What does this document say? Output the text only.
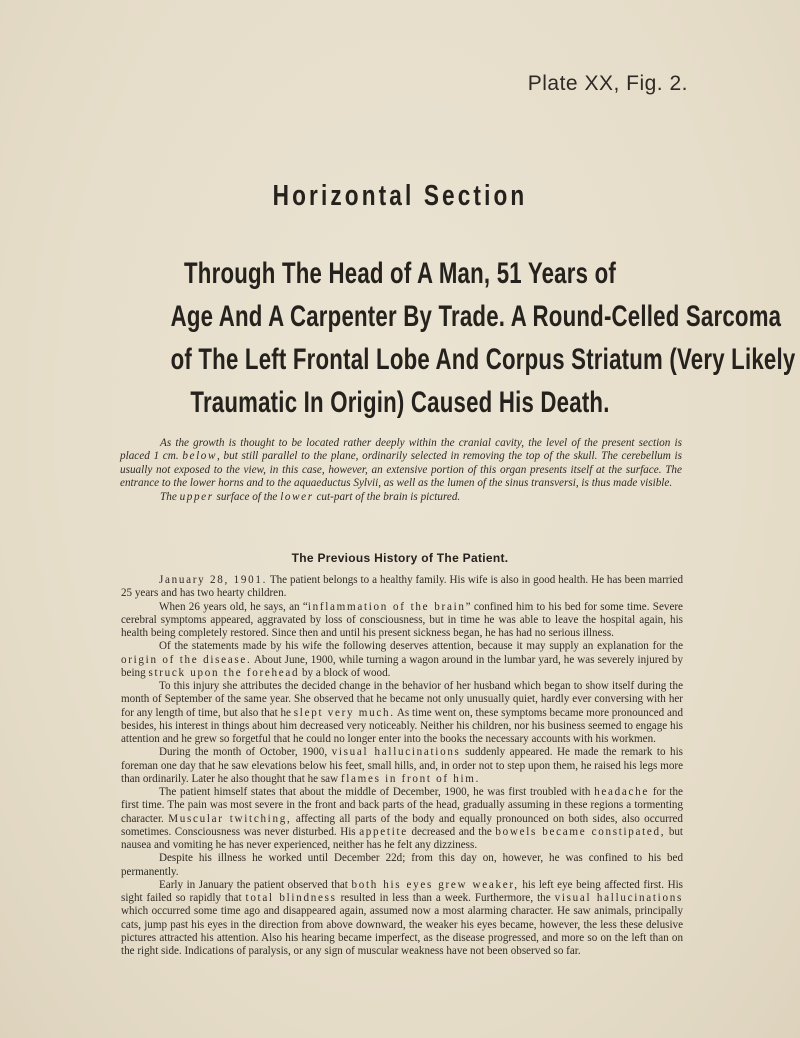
Plate XX, Fig. 2.
Horizontal Section
Through The Head of A Man, 51 Years of
Age And A Carpenter By Trade. A Round-Celled Sarcoma
of The Left Frontal Lobe And Corpus Striatum (Very Likely
Traumatic In Origin) Caused His Death.

As the growth is thought to be located rather deeply within the cranial cavity, the level of the present section is placed 1 cm. below, but still parallel to the plane, ordinarily selected in removing the top of the skull. The cerebellum is usually not exposed to the view, in this case, however, an extensive portion of this organ presents itself at the surface. The entrance to the lower horns and to the aquaeductus Sylvii, as well as the lumen of the sinus transversi, is thus made visible.

The upper surface of the lower cut-part of the brain is pictured.

The Previous History of The Patient.

January 28, 1901. The patient belongs to a healthy family. His wife is also in good health. He has been married 25 years and has two hearty children.

When 26 years old, he says, an “inflammation of the brain” confined him to his bed for some time. Severe cerebral symptoms appeared, aggravated by loss of consciousness, but in time he was able to leave the hospital again, his health being completely restored. Since then and until his present sickness began, he has had no serious illness.

Of the statements made by his wife the following deserves attention, because it may supply an explanation for the origin of the disease. About June, 1900, while turning a wagon around in the lumbar yard, he was severely injured by being struck upon the forehead by a block of wood.

To this injury she attributes the decided change in the behavior of her husband which began to show itself during the month of September of the same year. She observed that he became not only unusually quiet, hardly ever conversing with her for any length of time, but also that he slept very much. As time went on, these symptoms became more pronounced and besides, his interest in things about him decreased very noticeably. Neither his children, nor his business seemed to engage his attention and he grew so forgetful that he could no longer enter into the books the necessary accounts with his workmen.

During the month of October, 1900, visual hallucinations suddenly appeared. He made the remark to his foreman one day that he saw elevations below his feet, small hills, and, in order not to step upon them, he raised his legs more than ordinarily. Later he also thought that he saw flames in front of him.

The patient himself states that about the middle of December, 1900, he was first troubled with headache for the first time. The pain was most severe in the front and back parts of the head, gradually assuming in these regions a tormenting character. Muscular twitching, affecting all parts of the body and equally pronounced on both sides, also occurred sometimes. Consciousness was never disturbed. His appetite decreased and the bowels became constipated, but nausea and vomiting he has never experienced, neither has he felt any dizziness.

Despite his illness he worked until December 22d; from this day on, however, he was confined to his bed permanently.

Early in January the patient observed that both his eyes grew weaker, his left eye being affected first. His sight failed so rapidly that total blindness resulted in less than a week. Furthermore, the visual hallucinations which occurred some time ago and disappeared again, assumed now a most alarming character. He saw animals, principally cats, jump past his eyes in the direction from above downward, the weaker his eyes became, however, the less these delusive pictures attracted his attention. Also his hearing became imperfect, as the disease progressed, and more so on the left than on the right side. Indications of paralysis, or any sign of muscular weakness have not been observed so far.
